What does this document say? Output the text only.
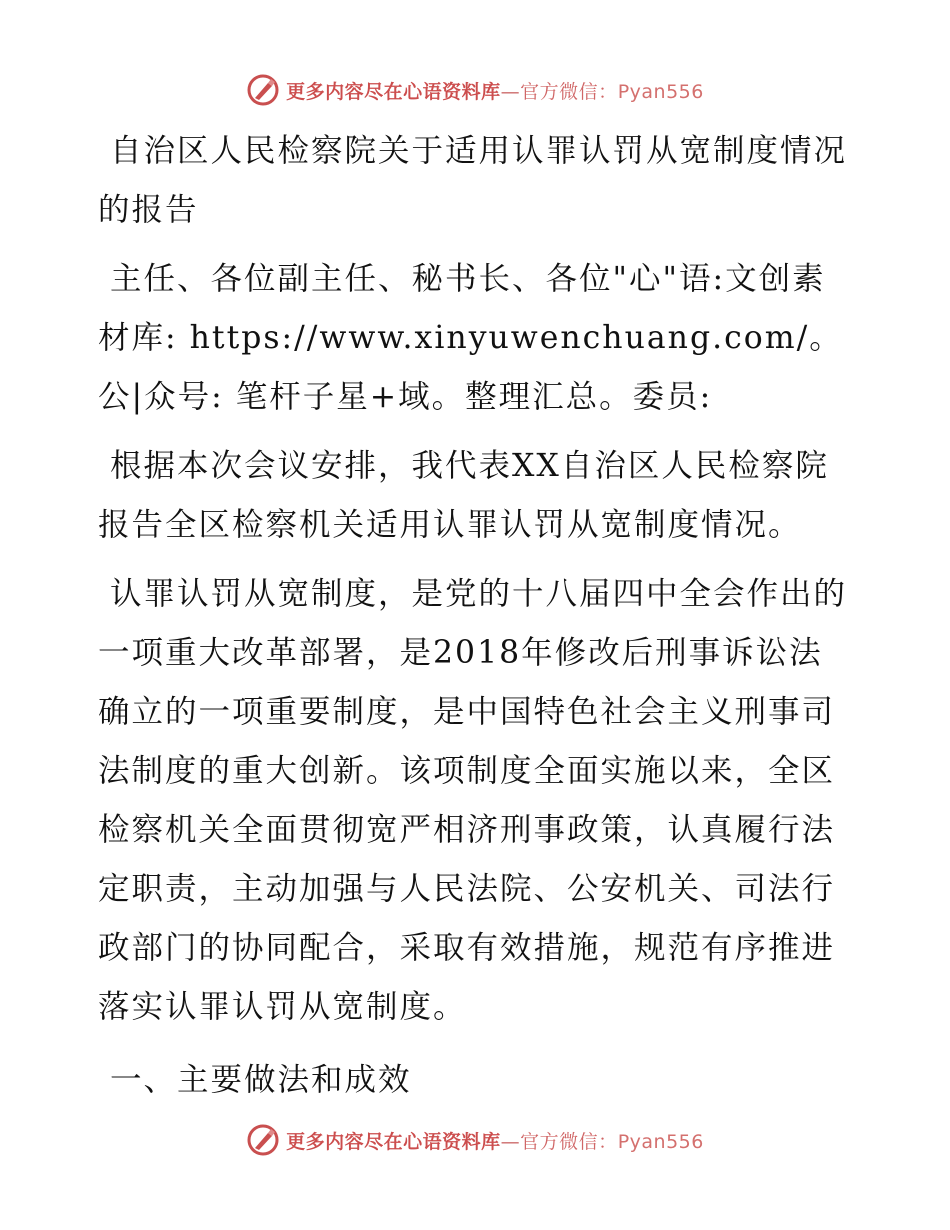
更多内容尽在心语资料库—官方微信：Pyan556

自治区人民检察院关于适用认罪认罚从宽制度情况的报告

主任、各位副主任、秘书长、各位"心"语:文创素材库: https://www.xinyuwenchuang.com/。公|众号: 笔杆子星+域。整理汇总。委员:

根据本次会议安排，我代表XX自治区人民检察院报告全区检察机关适用认罪认罚从宽制度情况。

认罪认罚从宽制度，是党的十八届四中全会作出的一项重大改革部署，是2018年修改后刑事诉讼法确立的一项重要制度，是中国特色社会主义刑事司法制度的重大创新。该项制度全面实施以来，全区检察机关全面贯彻宽严相济刑事政策，认真履行法定职责，主动加强与人民法院、公安机关、司法行政部门的协同配合，采取有效措施，规范有序推进落实认罪认罚从宽制度。

一、主要做法和成效

更多内容尽在心语资料库—官方微信：Pyan556
